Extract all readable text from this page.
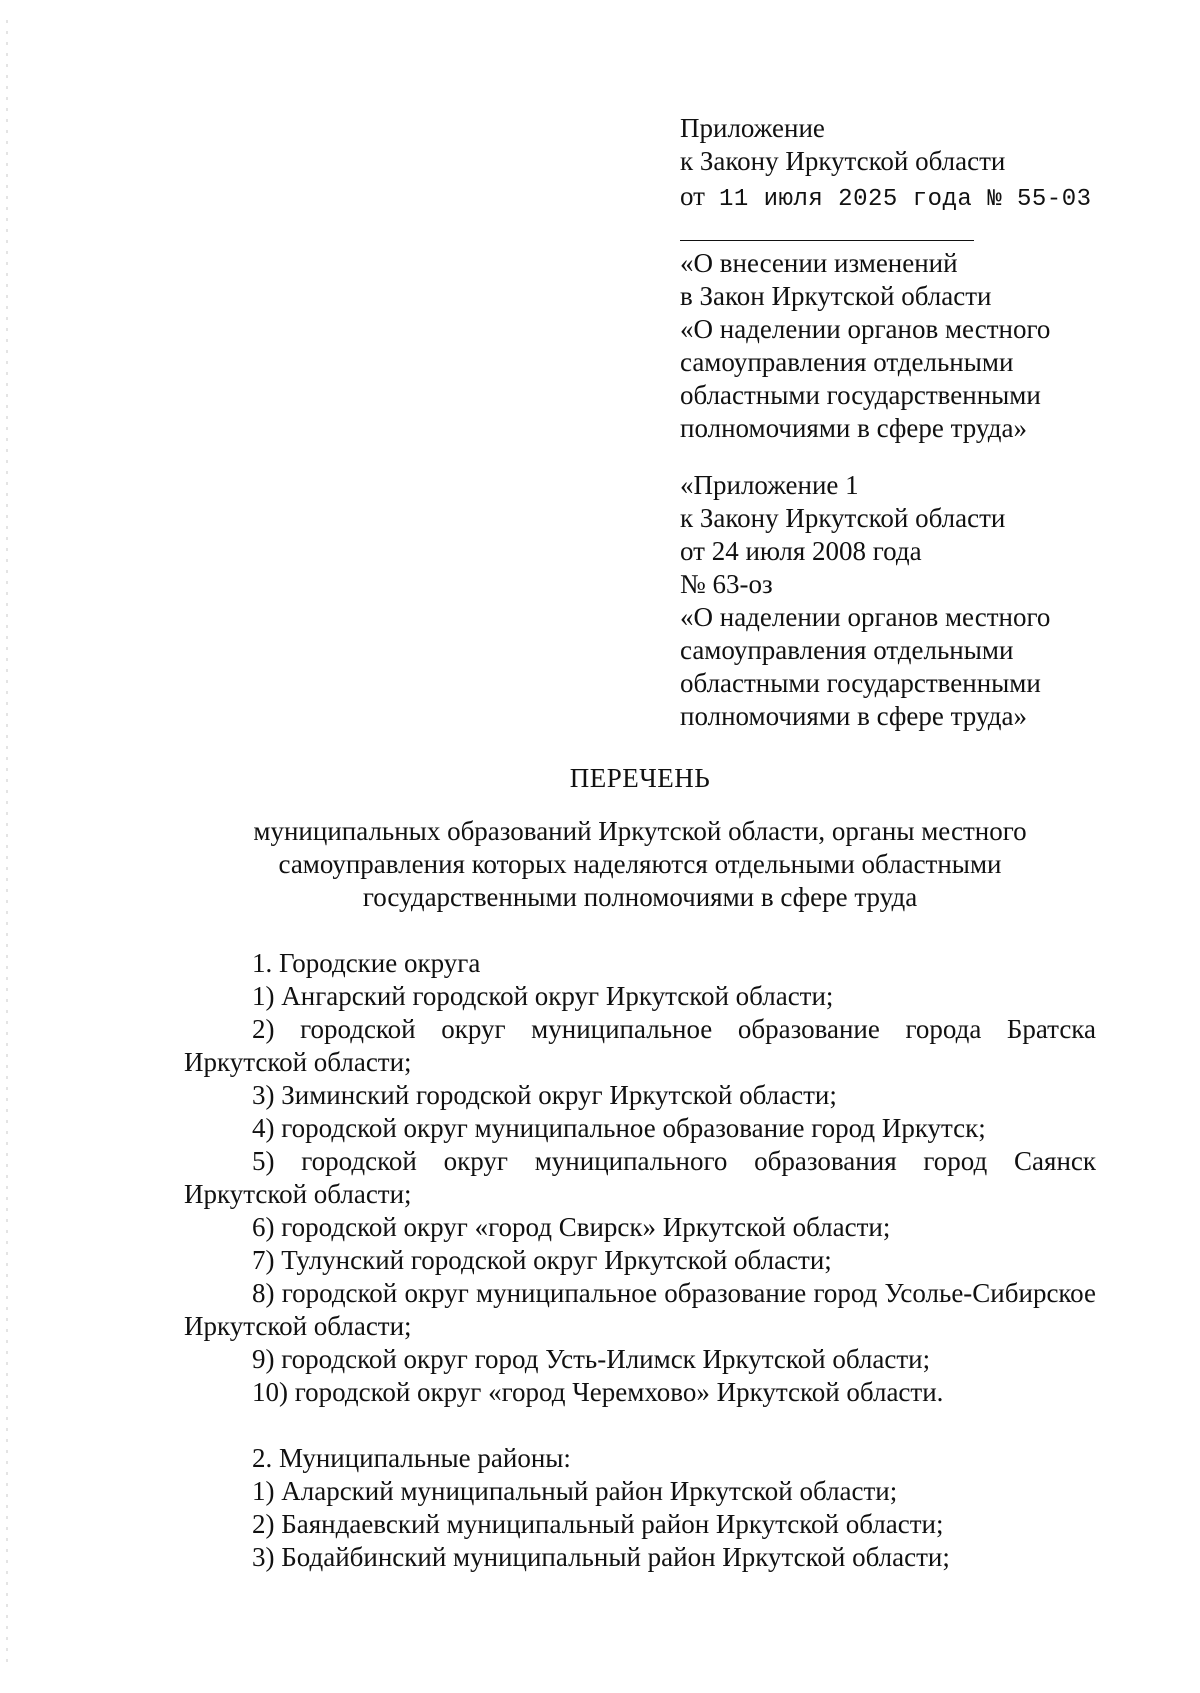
Приложение

к Закону Иркутской области

от 11 июля 2025 года № 55-03

«О внесении изменений

в Закон Иркутской области

«О наделении органов местного

самоуправления отдельными

областными государственными

полномочиями в сфере труда»

«Приложение 1

к Закону Иркутской области

от 24 июля 2008 года

№ 63-оз

«О наделении органов местного

самоуправления отдельными

областными государственными

полномочиями в сфере труда»

ПЕРЕЧЕНЬ

муниципальных образований Иркутской области, органы местного

самоуправления которых наделяются отдельными областными

государственными полномочиями в сфере труда

1. Городские округа

1) Ангарский городской округ Иркутской области;

2) городской округ муниципальное образование города Братска Иркутской области;

3) Зиминский городской округ Иркутской области;

4) городской округ муниципальное образование город Иркутск;

5) городской округ муниципального образования город Саянск Иркутской области;

6) городской округ «город Свирск» Иркутской области;

7) Тулунский городской округ Иркутской области;

8) городской округ муниципальное образование город Усолье-Сибирское Иркутской области;

9) городской округ город Усть-Илимск Иркутской области;

10) городской округ «город Черемхово» Иркутской области.

2. Муниципальные районы:

1) Аларский муниципальный район Иркутской области;

2) Баяндаевский муниципальный район Иркутской области;

3) Бодайбинский муниципальный район Иркутской области;
